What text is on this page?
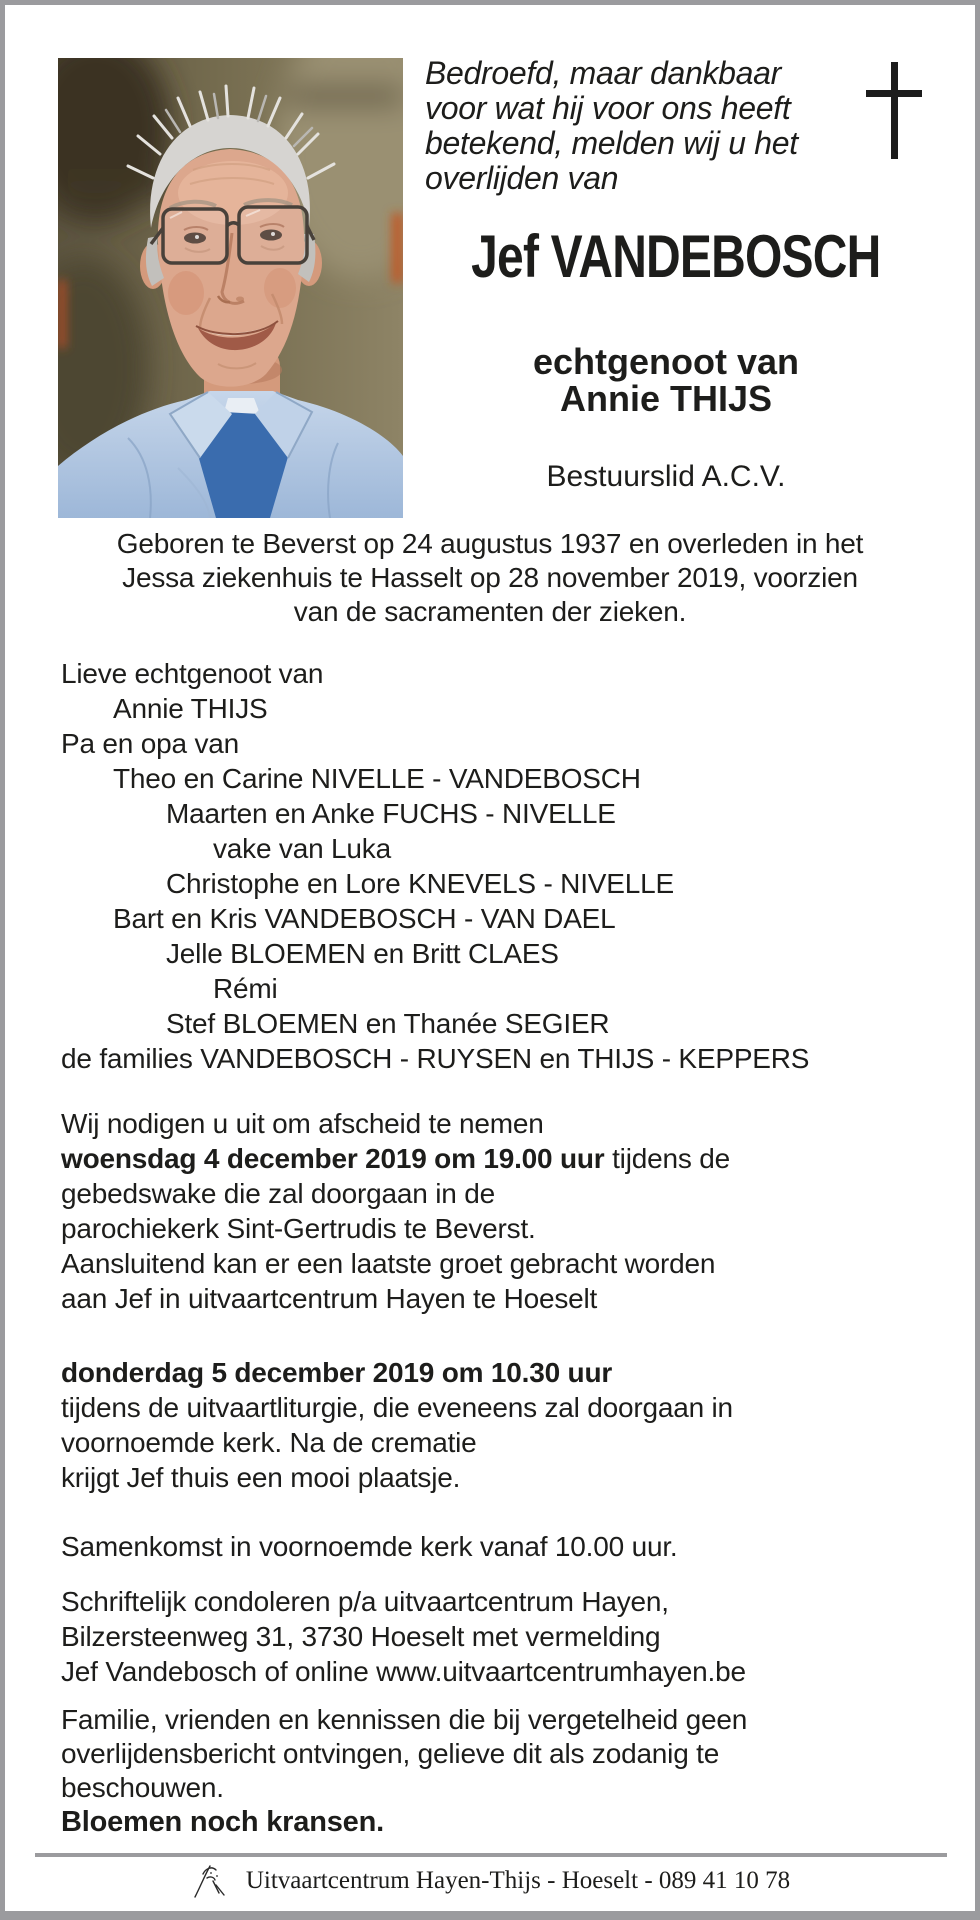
Bedroefd, maar dankbaar
voor wat hij voor ons heeft
betekend, melden wij u het
overlijden van
Jef VANDEBOSCH
echtgenoot van
Annie THIJS
Bestuurslid A.C.V.
Geboren te Beverst op 24 augustus 1937 en overleden in het
Jessa ziekenhuis te Hasselt op 28 november 2019, voorzien
van de sacramenten der zieken.
Lieve echtgenoot van
Annie THIJS
Pa en opa van
Theo en Carine NIVELLE - VANDEBOSCH
Maarten en Anke FUCHS - NIVELLE
vake van Luka
Christophe en Lore KNEVELS - NIVELLE
Bart en Kris VANDEBOSCH - VAN DAEL
Jelle BLOEMEN en Britt CLAES
Rémi
Stef BLOEMEN en Thanée SEGIER
de families VANDEBOSCH - RUYSEN en THIJS - KEPPERS
Wij nodigen u uit om afscheid te nemen
woensdag 4 december 2019 om 19.00 uur tijdens de
gebedswake die zal doorgaan in de
parochiekerk Sint-Gertrudis te Beverst.
Aansluitend kan er een laatste groet gebracht worden
aan Jef in uitvaartcentrum Hayen te Hoeselt
donderdag 5 december 2019 om 10.30 uur
tijdens de uitvaartliturgie, die eveneens zal doorgaan in
voornoemde kerk. Na de crematie
krijgt Jef thuis een mooi plaatsje.
Samenkomst in voornoemde kerk vanaf 10.00 uur.
Schriftelijk condoleren p/a uitvaartcentrum Hayen,
Bilzersteenweg 31, 3730 Hoeselt met vermelding
Jef Vandebosch of online www.uitvaartcentrumhayen.be
Familie, vrienden en kennissen die bij vergetelheid geen
overlijdensbericht ontvingen, gelieve dit als zodanig te
beschouwen.
Bloemen noch kransen.
Uitvaartcentrum Hayen-Thijs - Hoeselt - 089 41 10 78
